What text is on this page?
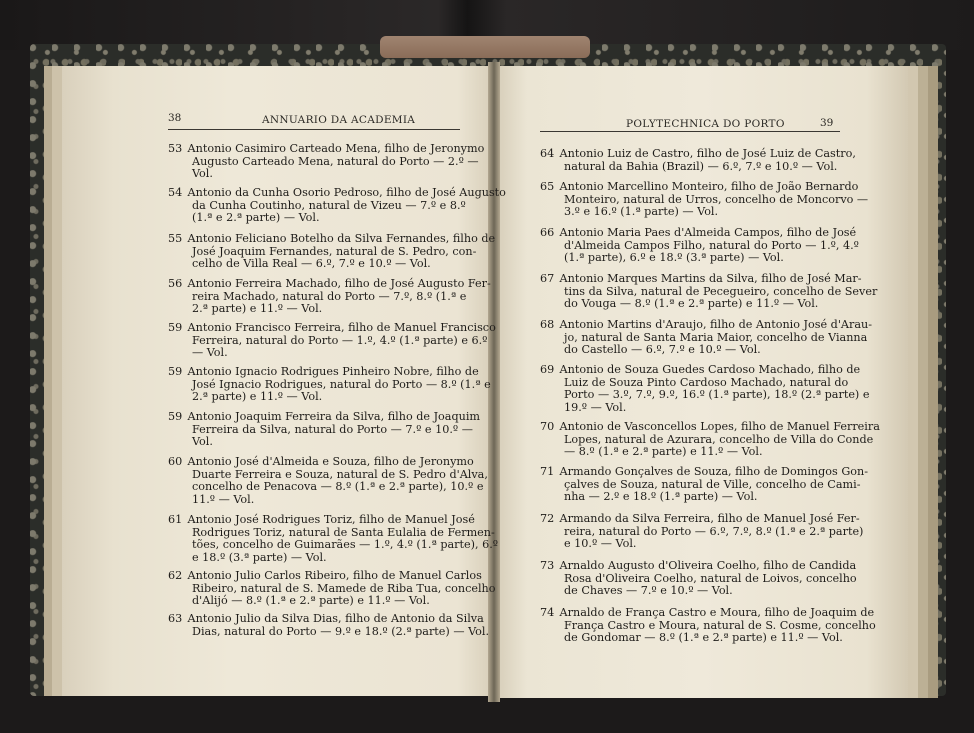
38	ANNUARIO DA ACADEMIA	POLYTECHNICA DO PORTO	39
53 Antonio Casimiro Carteado Mena, filho de Jeronymo
Augusto Carteado Mena, natural do Porto — 2.º —
Vol.
54 Antonio da Cunha Osorio Pedroso, filho de José Augusto
da Cunha Coutinho, natural de Vizeu — 7.º e 8.º
(1.ª e 2.ª parte) — Vol.
55 Antonio Feliciano Botelho da Silva Fernandes, filho de
José Joaquim Fernandes, natural de S. Pedro, con-
celho de Villa Real — 6.º, 7.º e 10.º — Vol.
56 Antonio Ferreira Machado, filho de José Augusto Fer-
reira Machado, natural do Porto — 7.º, 8.º (1.ª e
2.ª parte) e 11.º — Vol.
59 Antonio Francisco Ferreira, filho de Manuel Francisco
Ferreira, natural do Porto — 1.º, 4.º (1.ª parte) e 6.º
— Vol.
59 Antonio Ignacio Rodrigues Pinheiro Nobre, filho de
José Ignacio Rodrigues, natural do Porto — 8.º (1.ª e
2.ª parte) e 11.º — Vol.
59 Antonio Joaquim Ferreira da Silva, filho de Joaquim
Ferreira da Silva, natural do Porto — 7.º e 10.º —
Vol.
60 Antonio José d'Almeida e Souza, filho de Jeronymo
Duarte Ferreira e Souza, natural de S. Pedro d'Alva,
concelho de Penacova — 8.º (1.ª e 2.ª parte), 10.º e
11.º — Vol.
61 Antonio José Rodrigues Toriz, filho de Manuel José
Rodrigues Toriz, natural de Santa Eulalia de Fermen-
tões, concelho de Guimarães — 1.º, 4.º (1.ª parte), 6.º
e 18.º (3.ª parte) — Vol.
62 Antonio Julio Carlos Ribeiro, filho de Manuel Carlos
Ribeiro, natural de S. Mamede de Riba Tua, concelho
d'Alijó — 8.º (1.ª e 2.ª parte) e 11.º — Vol.
63 Antonio Julio da Silva Dias, filho de Antonio da Silva
Dias, natural do Porto — 9.º e 18.º (2.ª parte) — Vol.
64 Antonio Luiz de Castro, filho de José Luiz de Castro,
natural da Bahia (Brazil) — 6.º, 7.º e 10.º — Vol.
65 Antonio Marcellino Monteiro, filho de João Bernardo
Monteiro, natural de Urros, concelho de Moncorvo —
3.º e 16.º (1.ª parte) — Vol.
66 Antonio Maria Paes d'Almeida Campos, filho de José
d'Almeida Campos Filho, natural do Porto — 1.º, 4.º
(1.ª parte), 6.º e 18.º (3.ª parte) — Vol.
67 Antonio Marques Martins da Silva, filho de José Mar-
tins da Silva, natural de Pecegueiro, concelho de Sever
do Vouga — 8.º (1.ª e 2.ª parte) e 11.º — Vol.
68 Antonio Martins d'Araujo, filho de Antonio José d'Arau-
jo, natural de Santa Maria Maior, concelho de Vianna
do Castello — 6.º, 7.º e 10.º — Vol.
69 Antonio de Souza Guedes Cardoso Machado, filho de
Luiz de Souza Pinto Cardoso Machado, natural do
Porto — 3.º, 7.º, 9.º, 16.º (1.ª parte), 18.º (2.ª parte) e
19.º — Vol.
70 Antonio de Vasconcellos Lopes, filho de Manuel Ferreira
Lopes, natural de Azurara, concelho de Villa do Conde
— 8.º (1.ª e 2.ª parte) e 11.º — Vol.
71 Armando Gonçalves de Souza, filho de Domingos Gon-
çalves de Souza, natural de Ville, concelho de Cami-
nha — 2.º e 18.º (1.ª parte) — Vol.
72 Armando da Silva Ferreira, filho de Manuel José Fer-
reira, natural do Porto — 6.º, 7.º, 8.º (1.ª e 2.ª parte)
e 10.º — Vol.
73 Arnaldo Augusto d'Oliveira Coelho, filho de Candida
Rosa d'Oliveira Coelho, natural de Loivos, concelho
de Chaves — 7.º e 10.º — Vol.
74 Arnaldo de França Castro e Moura, filho de Joaquim de
França Castro e Moura, natural de S. Cosme, concelho
de Gondomar — 8.º (1.ª e 2.ª parte) e 11.º — Vol.
